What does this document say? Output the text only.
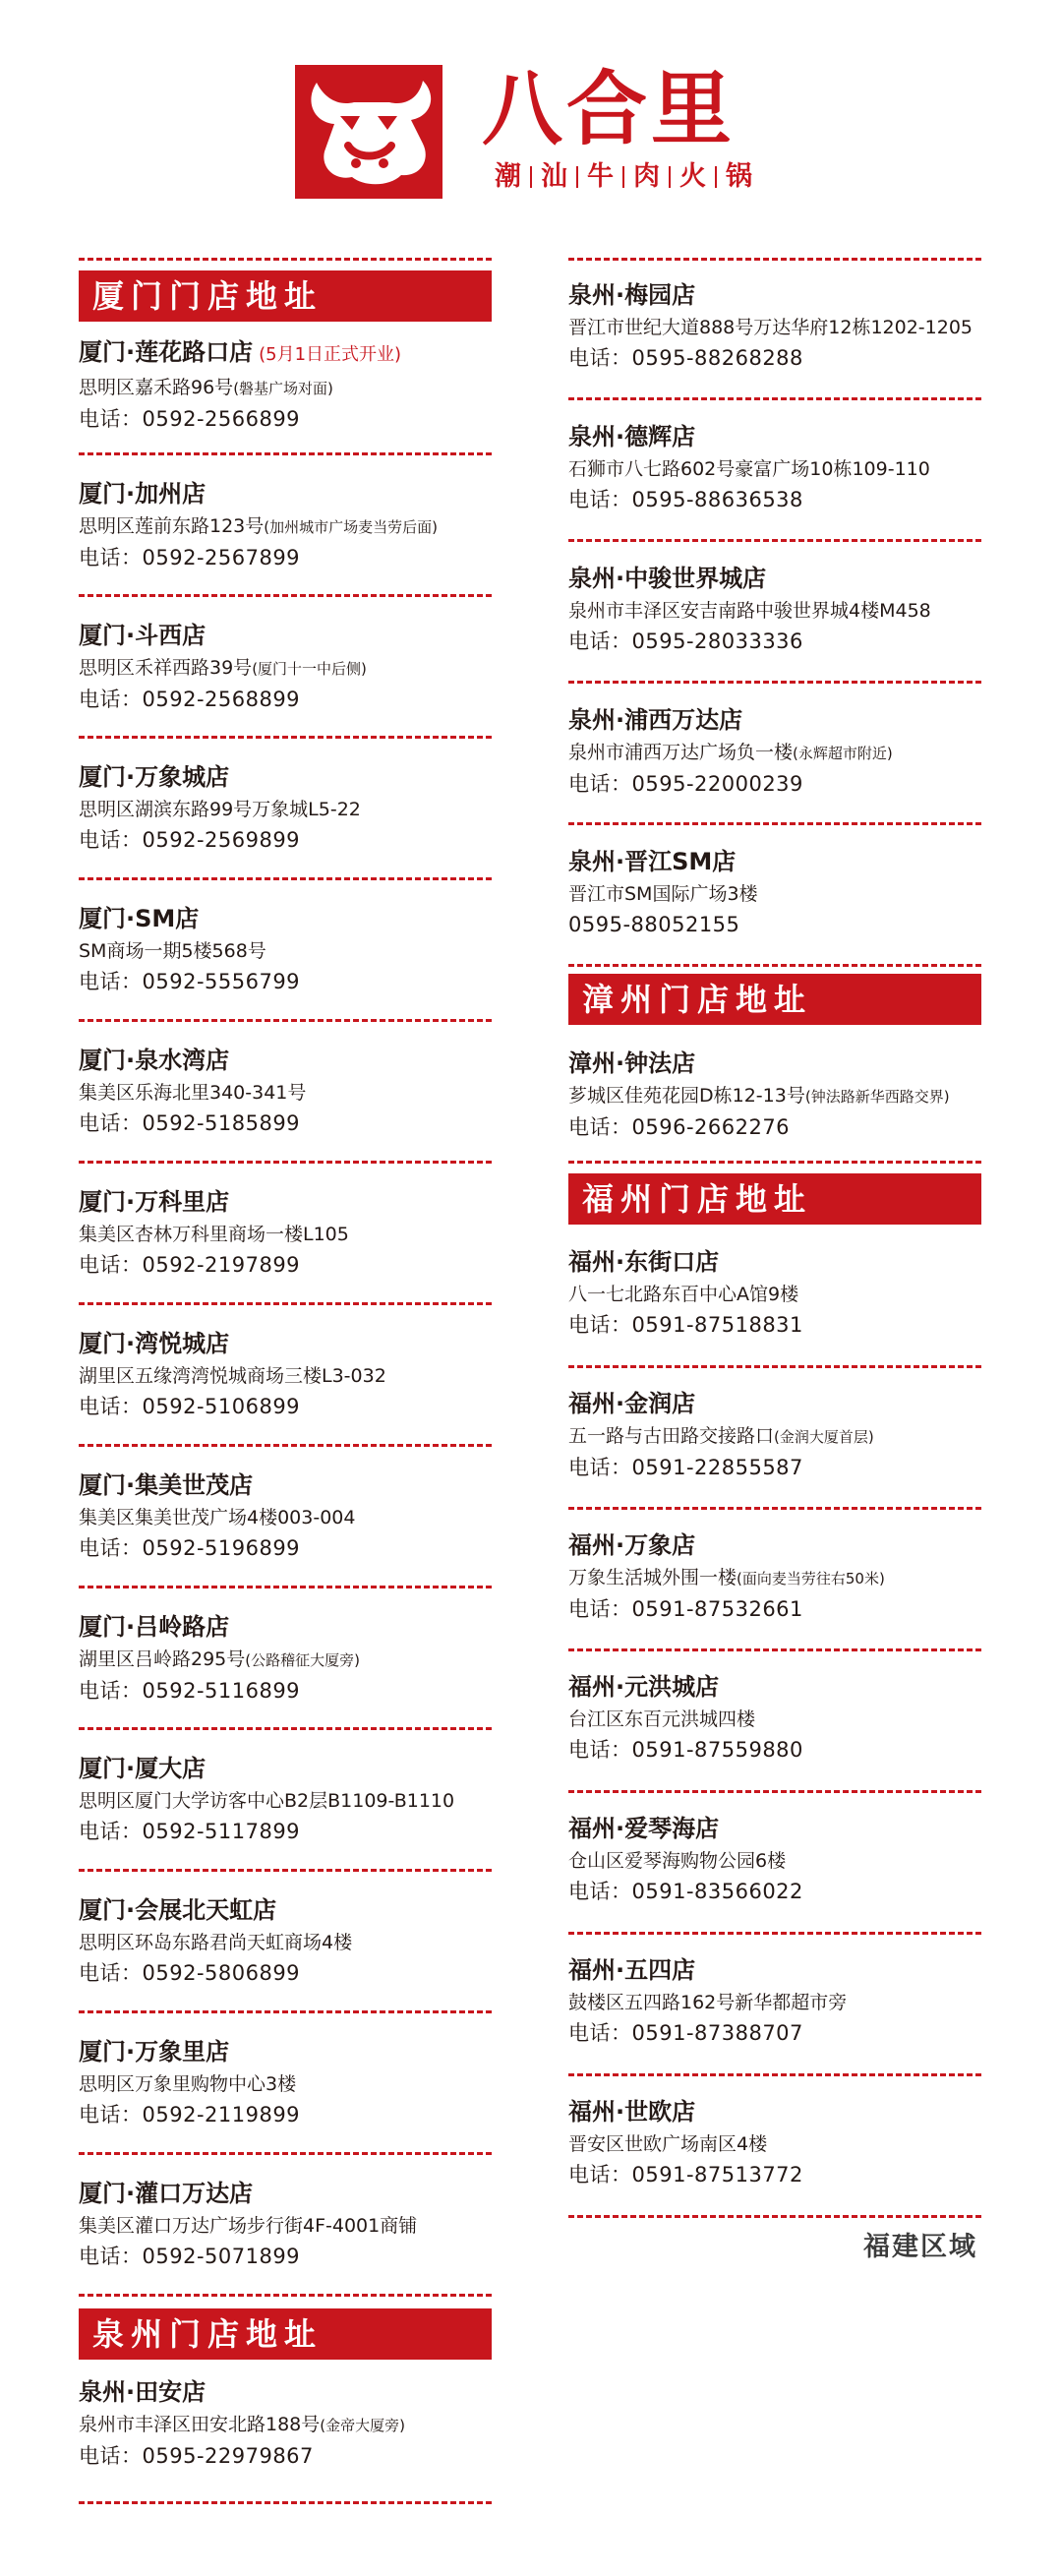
八合里
潮 汕 牛 肉 火 锅
厦门门店地址
厦门·莲花路口店 (5月1日正式开业)
思明区嘉禾路96号(磐基广场对面)
电话：0592-2566899
厦门·加州店
思明区莲前东路123号(加州城市广场麦当劳后面)
电话：0592-2567899
厦门·斗西店
思明区禾祥西路39号(厦门十一中后侧)
电话：0592-2568899
厦门·万象城店
思明区湖滨东路99号万象城L5-22
电话：0592-2569899
厦门·SM店
SM商场一期5楼568号
电话：0592-5556799
厦门·泉水湾店
集美区乐海北里340-341号
电话：0592-5185899
厦门·万科里店
集美区杏林万科里商场一楼L105
电话：0592-2197899
厦门·湾悦城店
湖里区五缘湾湾悦城商场三楼L3-032
电话：0592-5106899
厦门·集美世茂店
集美区集美世茂广场4楼003-004
电话：0592-5196899
厦门·吕岭路店
湖里区吕岭路295号(公路稽征大厦旁)
电话：0592-5116899
厦门·厦大店
思明区厦门大学访客中心B2层B1109-B1110
电话：0592-5117899
厦门·会展北天虹店
思明区环岛东路君尚天虹商场4楼
电话：0592-5806899
厦门·万象里店
思明区万象里购物中心3楼
电话：0592-2119899
厦门·灌口万达店
集美区灌口万达广场步行街4F-4001商铺
电话：0592-5071899
泉州门店地址
泉州·田安店
泉州市丰泽区田安北路188号(金帝大厦旁)
电话：0595-22979867
泉州·梅园店
晋江市世纪大道888号万达华府12栋1202-1205
电话：0595-88268288
泉州·德辉店
石狮市八七路602号豪富广场10栋109-110
电话：0595-88636538
泉州·中骏世界城店
泉州市丰泽区安吉南路中骏世界城4楼M458
电话：0595-28033336
泉州·浦西万达店
泉州市浦西万达广场负一楼(永辉超市附近)
电话：0595-22000239
泉州·晋江SM店
晋江市SM国际广场3楼
0595-88052155
漳州门店地址
漳州·钟法店
芗城区佳苑花园D栋12-13号(钟法路新华西路交界)
电话：0596-2662276
福州门店地址
福州·东街口店
八一七北路东百中心A馆9楼
电话：0591-87518831
福州·金润店
五一路与古田路交接路口(金润大厦首层)
电话：0591-22855587
福州·万象店
万象生活城外围一楼(面向麦当劳往右50米)
电话：0591-87532661
福州·元洪城店
台江区东百元洪城四楼
电话：0591-87559880
福州·爱琴海店
仓山区爱琴海购物公园6楼
电话：0591-83566022
福州·五四店
鼓楼区五四路162号新华都超市旁
电话：0591-87388707
福州·世欧店
晋安区世欧广场南区4楼
电话：0591-87513772
福建区域
